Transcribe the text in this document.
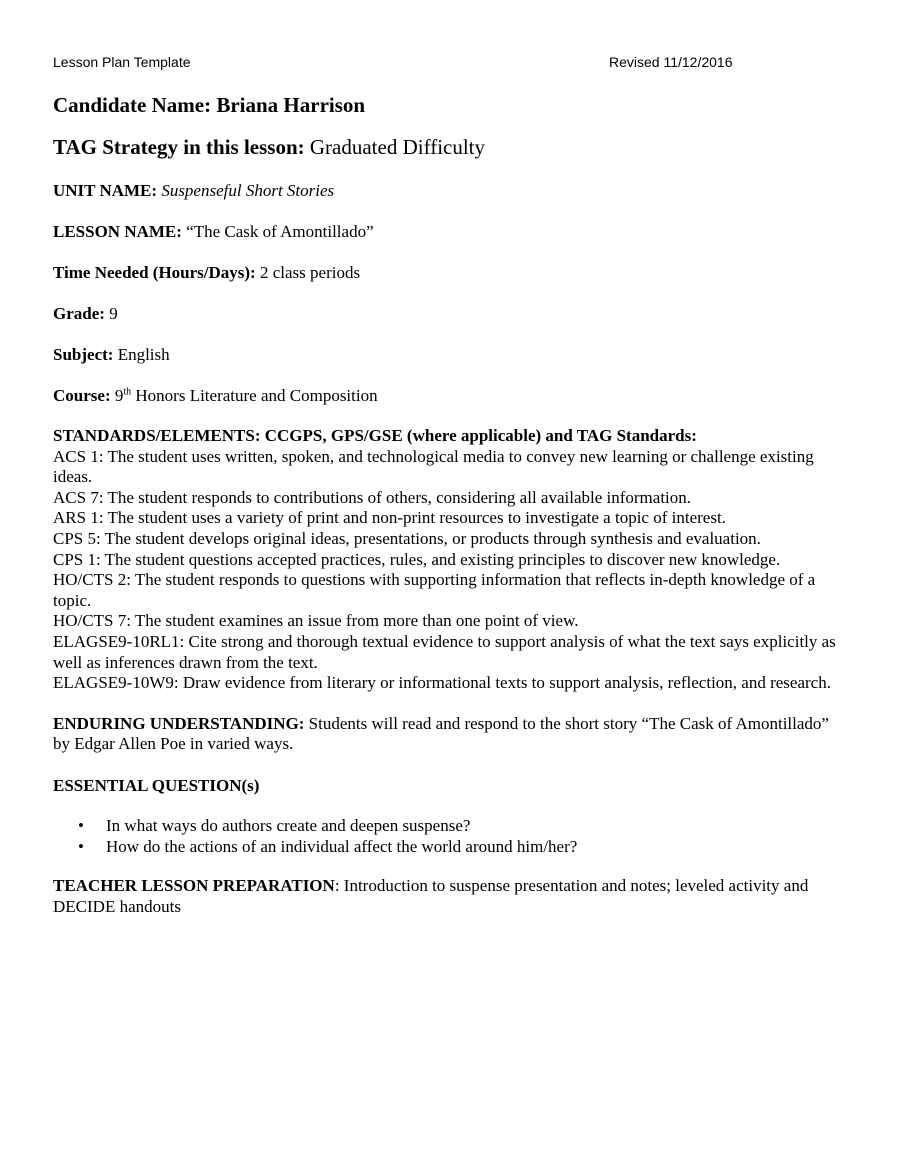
Lesson Plan Template	Revised 11/12/2016

Candidate Name: Briana Harrison

TAG Strategy in this lesson: Graduated Difficulty

UNIT NAME: Suspenseful Short Stories

LESSON NAME: “The Cask of Amontillado”

Time Needed (Hours/Days): 2 class periods

Grade: 9

Subject: English

Course: 9th Honors Literature and Composition

STANDARDS/ELEMENTS: CCGPS, GPS/GSE (where applicable) and TAG Standards:

ACS 1: The student uses written, spoken, and technological media to convey new learning or challenge existing ideas.
ACS 7: The student responds to contributions of others, considering all available information.
ARS 1: The student uses a variety of print and non-print resources to investigate a topic of interest.
CPS 5: The student develops original ideas, presentations, or products through synthesis and evaluation.
CPS 1: The student questions accepted practices, rules, and existing principles to discover new knowledge.
HO/CTS 2: The student responds to questions with supporting information that reflects in-depth knowledge of a topic.
HO/CTS 7: The student examines an issue from more than one point of view.
ELAGSE9-10RL1: Cite strong and thorough textual evidence to support analysis of what the text says explicitly as well as inferences drawn from the text.
ELAGSE9-10W9: Draw evidence from literary or informational texts to support analysis, reflection, and research.

ENDURING UNDERSTANDING: Students will read and respond to the short story “The Cask of Amontillado” by Edgar Allen Poe in varied ways.

ESSENTIAL QUESTION(s)

• In what ways do authors create and deepen suspense?
• How do the actions of an individual affect the world around him/her?

TEACHER LESSON PREPARATION: Introduction to suspense presentation and notes; leveled activity and DECIDE handouts
